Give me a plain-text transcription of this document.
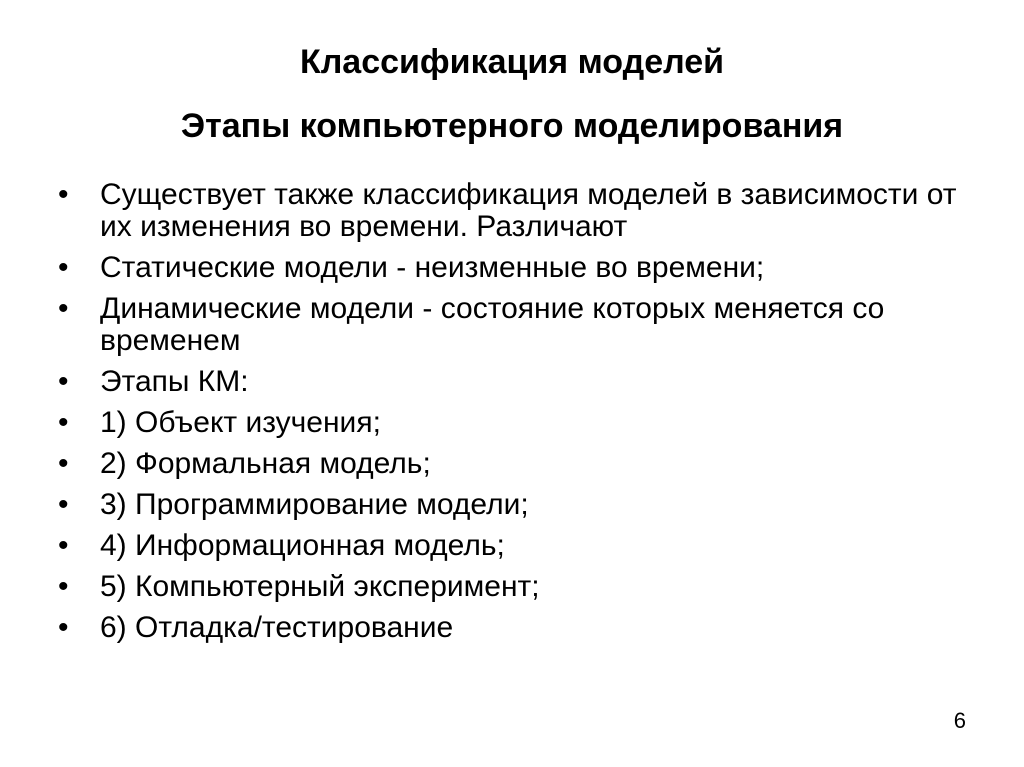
Классификация моделей
Этапы компьютерного моделирования
•	Существует также классификация моделей в зависимости от их изменения во времени. Различают
•	Статические модели - неизменные во времени;
•	Динамические модели - состояние которых меняется со временем
•	Этапы КМ:
•	1) Объект изучения;
•	2) Формальная модель;
•	3) Программирование модели;
•	4) Информационная модель;
•	5) Компьютерный эксперимент;
•	6) Отладка/тестирование
6
